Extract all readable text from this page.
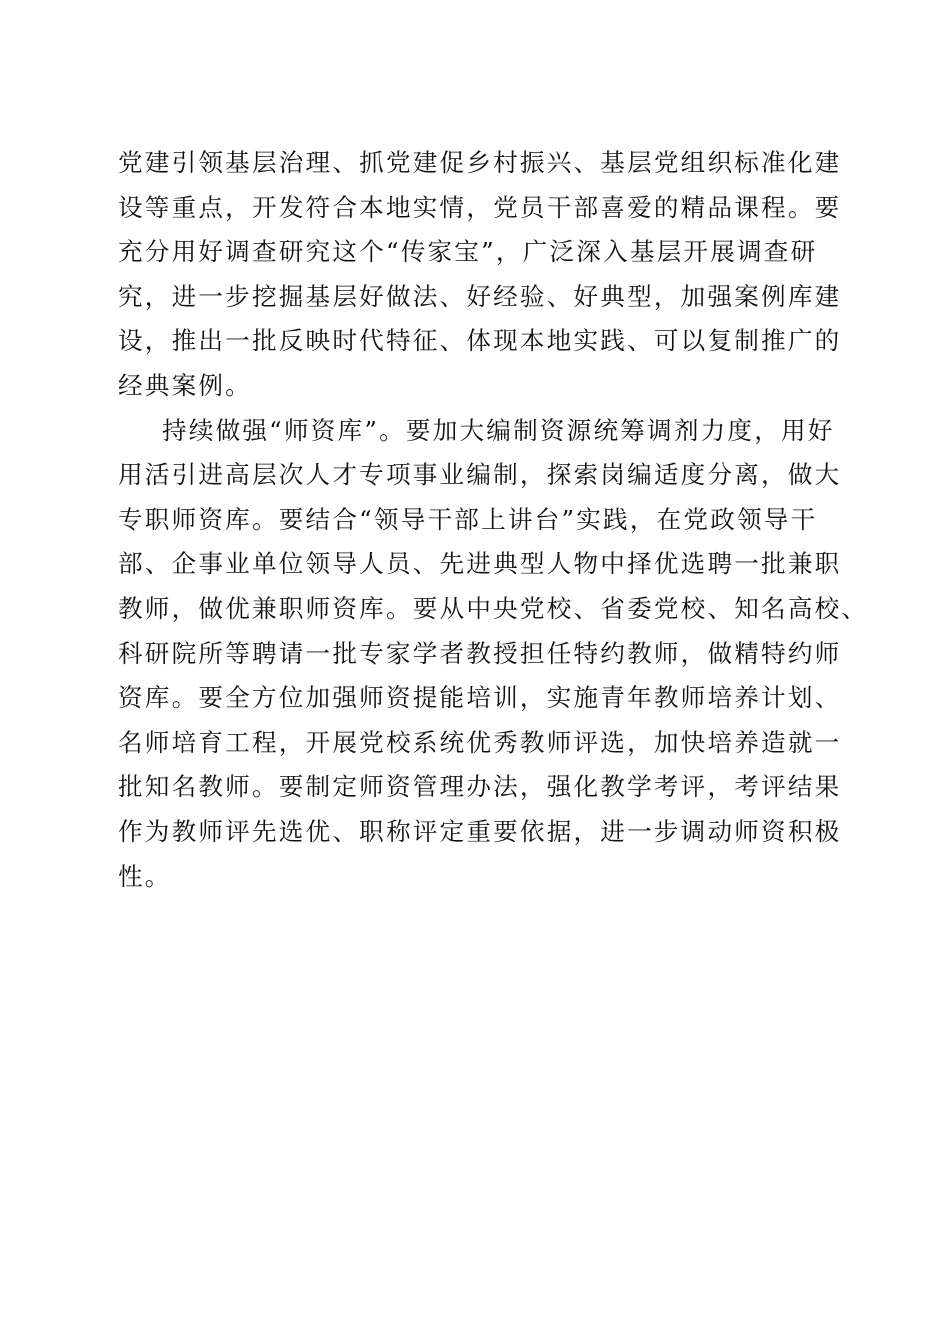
党建引领基层治理、抓党建促乡村振兴、基层党组织标准化建
设等重点，开发符合本地实情，党员干部喜爱的精品课程。要
充分用好调查研究这个“传家宝”，广泛深入基层开展调查研
究，进一步挖掘基层好做法、好经验、好典型，加强案例库建
设，推出一批反映时代特征、体现本地实践、可以复制推广的
经典案例。
持续做强“师资库”。要加大编制资源统筹调剂力度，用好
用活引进高层次人才专项事业编制，探索岗编适度分离，做大
专职师资库。要结合“领导干部上讲台”实践，在党政领导干
部、企事业单位领导人员、先进典型人物中择优选聘一批兼职
教师，做优兼职师资库。要从中央党校、省委党校、知名高校、
科研院所等聘请一批专家学者教授担任特约教师，做精特约师
资库。要全方位加强师资提能培训，实施青年教师培养计划、
名师培育工程，开展党校系统优秀教师评选，加快培养造就一
批知名教师。要制定师资管理办法，强化教学考评，考评结果
作为教师评先选优、职称评定重要依据，进一步调动师资积极
性。
